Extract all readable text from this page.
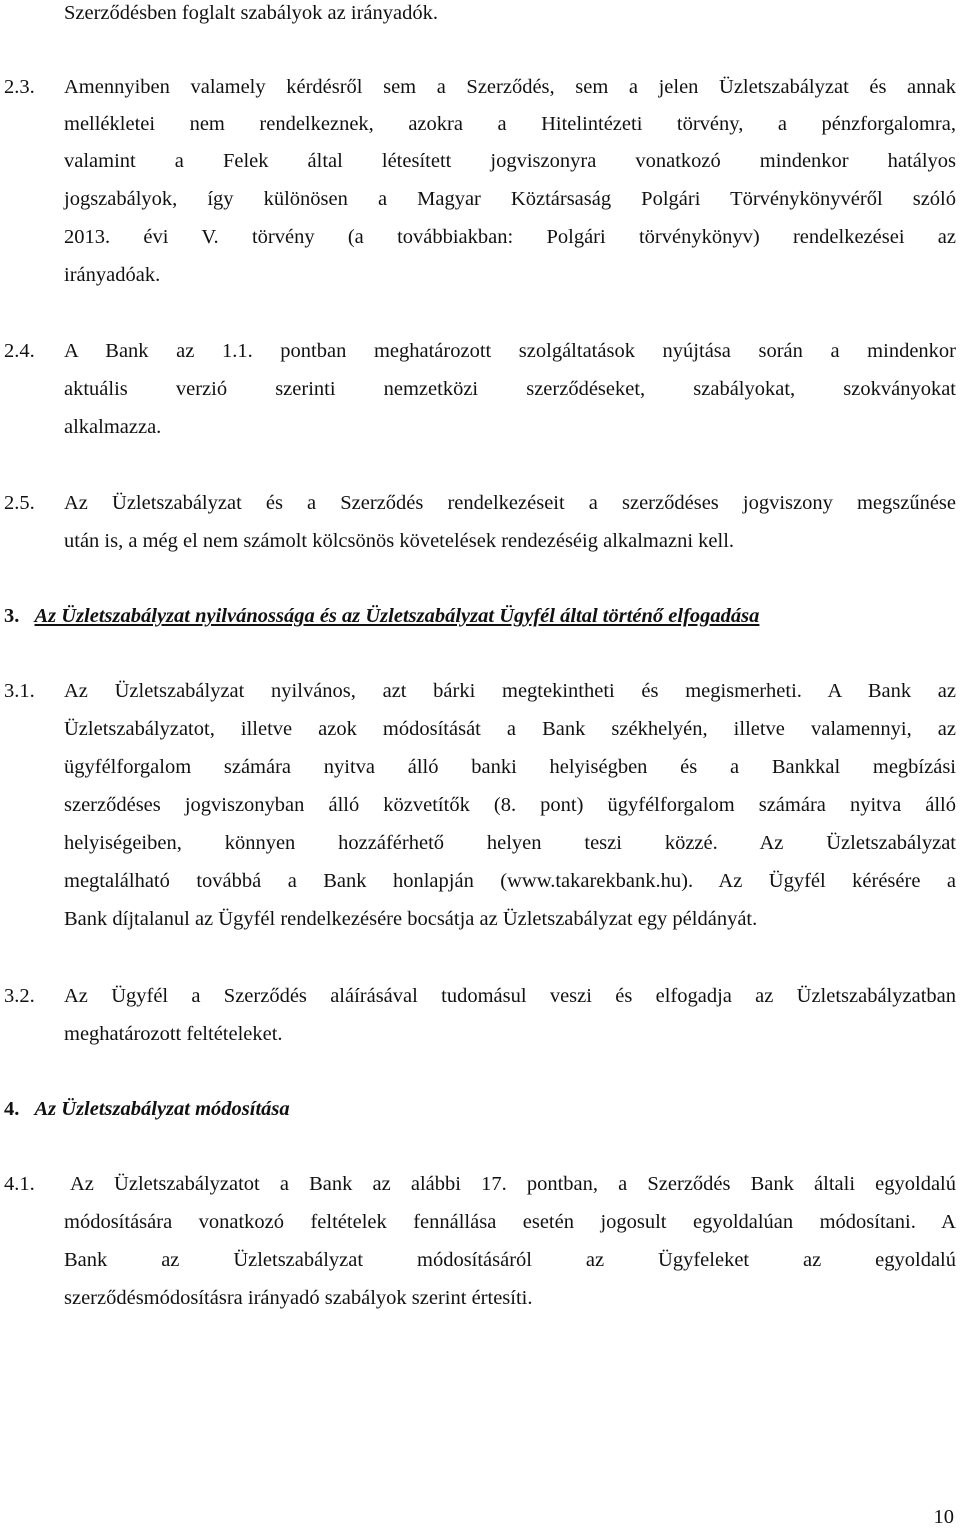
Szerződésben foglalt szabályok az irányadók.
2.3. Amennyiben valamely kérdésről sem a Szerződés, sem a jelen Üzletszabályzat és annak
mellékletei nem rendelkeznek, azokra a Hitelintézeti törvény, a pénzforgalomra,
valamint a Felek által létesített jogviszonyra vonatkozó mindenkor hatályos
jogszabályok, így különösen a Magyar Köztársaság Polgári Törvénykönyvéről szóló
2013. évi V. törvény (a továbbiakban: Polgári törvénykönyv) rendelkezései az
irányadóak.
2.4. A Bank az 1.1. pontban meghatározott szolgáltatások nyújtása során a mindenkor
aktuális verzió szerinti nemzetközi szerződéseket, szabályokat, szokványokat
alkalmazza.
2.5. Az Üzletszabályzat és a Szerződés rendelkezéseit a szerződéses jogviszony megszűnése
után is, a még el nem számolt kölcsönös követelések rendezéséig alkalmazni kell.
3. Az Üzletszabályzat nyilvánossága és az Üzletszabályzat Ügyfél által történő elfogadása
3.1. Az Üzletszabályzat nyilvános, azt bárki megtekintheti és megismerheti. A Bank az
Üzletszabályzatot, illetve azok módosítását a Bank székhelyén, illetve valamennyi, az
ügyfélforgalom számára nyitva álló banki helyiségben és a Bankkal megbízási
szerződéses jogviszonyban álló közvetítők (8. pont) ügyfélforgalom számára nyitva álló
helyiségeiben, könnyen hozzáférhető helyen teszi közzé. Az Üzletszabályzat
megtalálható továbbá a Bank honlapján (www.takarekbank.hu). Az Ügyfél kérésére a
Bank díjtalanul az Ügyfél rendelkezésére bocsátja az Üzletszabályzat egy példányát.
3.2. Az Ügyfél a Szerződés aláírásával tudomásul veszi és elfogadja az Üzletszabályzatban
meghatározott feltételeket.
4. Az Üzletszabályzat módosítása
4.1. Az Üzletszabályzatot a Bank az alábbi 17. pontban, a Szerződés Bank általi egyoldalú
módosítására vonatkozó feltételek fennállása esetén jogosult egyoldalúan módosítani. A
Bank az Üzletszabályzat módosításáról az Ügyfeleket az egyoldalú
szerződésmódosításra irányadó szabályok szerint értesíti.
10
